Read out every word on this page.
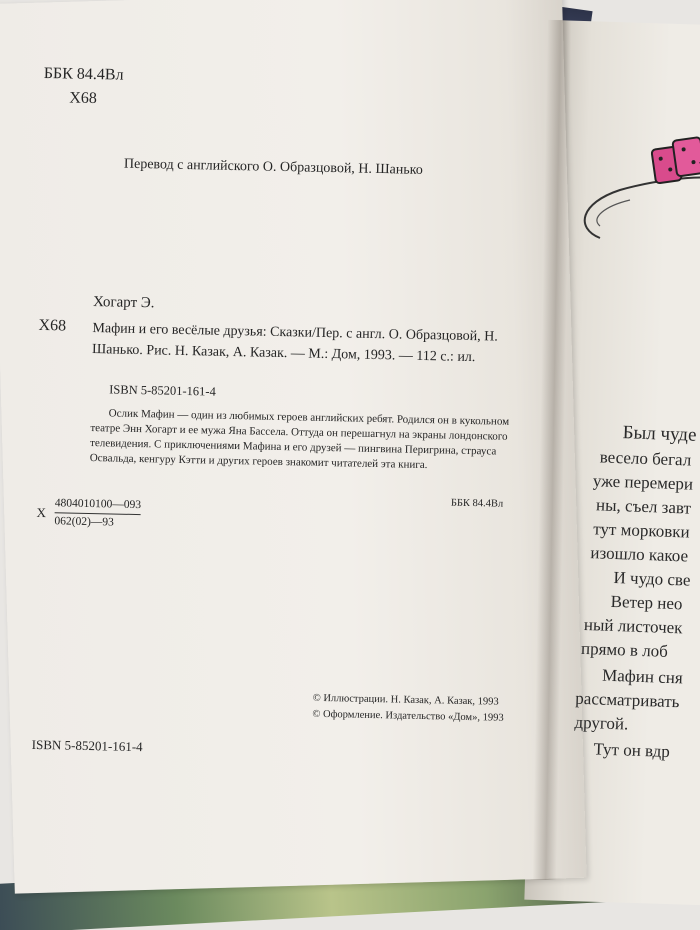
ББК 84.4Вл
Х68
Перевод с английского О. Образцовой, Н. Шанько
Хогарт Э.
Х68 Мафин и его весёлые друзья: Сказки/Пер. с англ. О. Образцовой, Н. Шанько. Рис. Н. Казак, А. Казак. — М.: Дом, 1993. — 112 с.: ил.
ISBN 5-85201-161-4
Ослик Мафин — один из любимых героев английских ребят. Родился он в кукольном театре Энн Хогарт и ее мужа Яна Бассела. Оттуда он перешагнул на экраны лондонского телевидения. С приключениями Мафина и его друзей — пингвина Перигрина, страуса Освальда, кенгуру Кэтти и других героев знакомит читателей эта книга.
ББК 84.4Вл
Х $\frac{4804010100—093}{062(02)—93}$
© Иллюстрации. Н. Казак, А. Казак, 1993
© Оформление. Издательство «Дом», 1993
ISBN 5-85201-161-4
Был чуде
весело бегал
уже перемери
ны, съел завт
тут морковки
изошло какое
И чудо све
Ветер нео
ный листочек
прямо в лоб
Мафин сня
рассматривать
другой.
Тут он вдр
